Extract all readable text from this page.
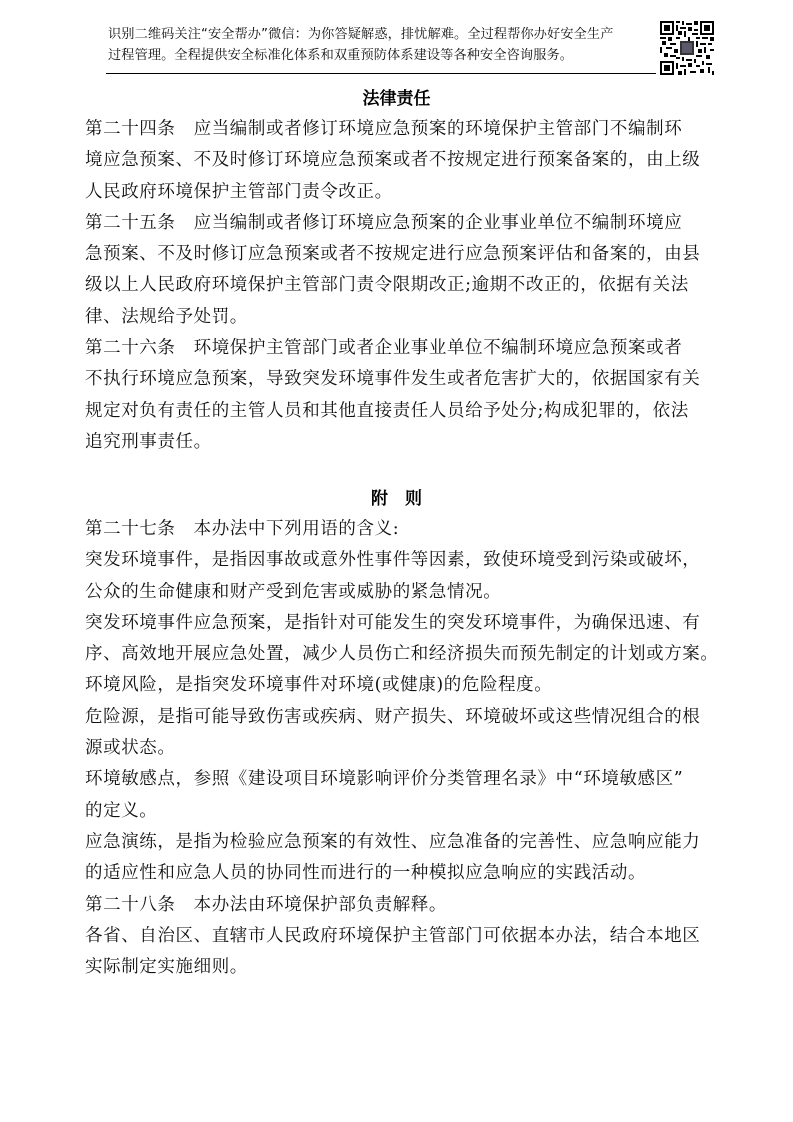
识别二维码关注“安全帮办”微信：为你答疑解惑，排忧解难。全过程帮你办好安全生产
过程管理。全程提供安全标准化体系和双重预防体系建设等各种安全咨询服务。
法律责任
第二十四条　应当编制或者修订环境应急预案的环境保护主管部门不编制环
境应急预案、不及时修订环境应急预案或者不按规定进行预案备案的，由上级
人民政府环境保护主管部门责令改正。
第二十五条　应当编制或者修订环境应急预案的企业事业单位不编制环境应
急预案、不及时修订应急预案或者不按规定进行应急预案评估和备案的，由县
级以上人民政府环境保护主管部门责令限期改正;逾期不改正的，依据有关法
律、法规给予处罚。
第二十六条　环境保护主管部门或者企业事业单位不编制环境应急预案或者
不执行环境应急预案，导致突发环境事件发生或者危害扩大的，依据国家有关
规定对负有责任的主管人员和其他直接责任人员给予处分;构成犯罪的，依法
追究刑事责任。
附　则
第二十七条　本办法中下列用语的含义:
突发环境事件，是指因事故或意外性事件等因素，致使环境受到污染或破坏，
公众的生命健康和财产受到危害或威胁的紧急情况。
突发环境事件应急预案，是指针对可能发生的突发环境事件，为确保迅速、有
序、高效地开展应急处置，减少人员伤亡和经济损失而预先制定的计划或方案。
环境风险，是指突发环境事件对环境(或健康)的危险程度。
危险源，是指可能导致伤害或疾病、财产损失、环境破坏或这些情况组合的根
源或状态。
环境敏感点，参照《建设项目环境影响评价分类管理名录》中“环境敏感区”
的定义。
应急演练，是指为检验应急预案的有效性、应急准备的完善性、应急响应能力
的适应性和应急人员的协同性而进行的一种模拟应急响应的实践活动。
第二十八条　本办法由环境保护部负责解释。
各省、自治区、直辖市人民政府环境保护主管部门可依据本办法，结合本地区
实际制定实施细则。
